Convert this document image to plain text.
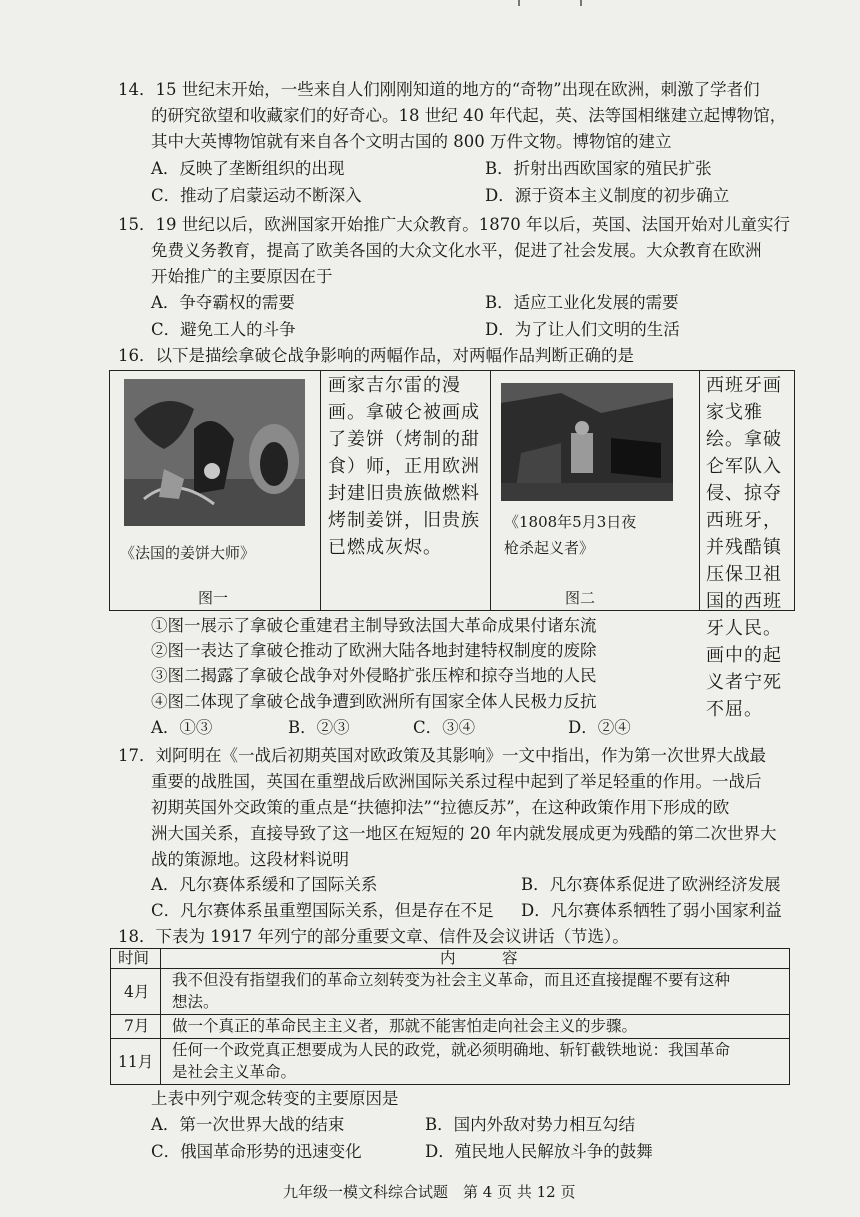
14．15 世纪末开始，一些来自人们刚刚知道的地方的“奇物”出现在欧洲，刺激了学者们
的研究欲望和收藏家们的好奇心。18 世纪 40 年代起，英、法等国相继建立起博物馆，
其中大英博物馆就有来自各个文明古国的 800 万件文物。博物馆的建立
A．反映了垄断组织的出现	B．折射出西欧国家的殖民扩张
C．推动了启蒙运动不断深入	D．源于资本主义制度的初步确立
15．19 世纪以后，欧洲国家开始推广大众教育。1870 年以后，英国、法国开始对儿童实行
免费义务教育，提高了欧美各国的大众文化水平，促进了社会发展。大众教育在欧洲
开始推广的主要原因在于
A．争夺霸权的需要	B．适应工业化发展的需要
C．避免工人的斗争	D．为了让人们文明的生活
16．以下是描绘拿破仑战争影响的两幅作品，对两幅作品判断正确的是
《法国的姜饼大师》
图一
画家吉尔雷的漫画。拿破仑被画成了姜饼（烤制的甜食）师，正用欧洲封建旧贵族做燃料烤制姜饼，旧贵族已燃成灰烬。
《1808年5月3日夜
枪杀起义者》
图二
西班牙画家戈雅绘。拿破仑军队入侵、掠夺西班牙，并残酷镇压保卫祖国的西班牙人民。画中的起义者宁死不屈。
①图一展示了拿破仑重建君主制导致法国大革命成果付诸东流
②图一表达了拿破仑推动了欧洲大陆各地封建特权制度的废除
③图二揭露了拿破仑战争对外侵略扩张压榨和掠夺当地的人民
④图二体现了拿破仑战争遭到欧洲所有国家全体人民极力反抗
A．①③	B．②③	C．③④	D．②④
17．刘阿明在《一战后初期英国对欧政策及其影响》一文中指出，作为第一次世界大战最
重要的战胜国，英国在重塑战后欧洲国际关系过程中起到了举足轻重的作用。一战后
初期英国外交政策的重点是“扶德抑法”“拉德反苏”，在这种政策作用下形成的欧
洲大国关系，直接导致了这一地区在短短的 20 年内就发展成更为残酷的第二次世界大
战的策源地。这段材料说明
A．凡尔赛体系缓和了国际关系	B．凡尔赛体系促进了欧洲经济发展
C．凡尔赛体系虽重塑国际关系，但是存在不足 D．凡尔赛体系牺牲了弱小国家利益
18．下表为 1917 年列宁的部分重要文章、信件及会议讲话（节选）。
时间	内　　　容
4月
我不但没有指望我们的革命立刻转变为社会主义革命，而且还直接提醒不要有这种
想法。
7月 做一个真正的革命民主主义者，那就不能害怕走向社会主义的步骤。
11月
任何一个政党真正想要成为人民的政党，就必须明确地、斩钉截铁地说：我国革命
是社会主义革命。
上表中列宁观念转变的主要原因是
A．第一次世界大战的结束	B．国内外敌对势力相互勾结
C．俄国革命形势的迅速变化	D．殖民地人民解放斗争的鼓舞
九年级一模文科综合试题　第 4 页 共 12 页
